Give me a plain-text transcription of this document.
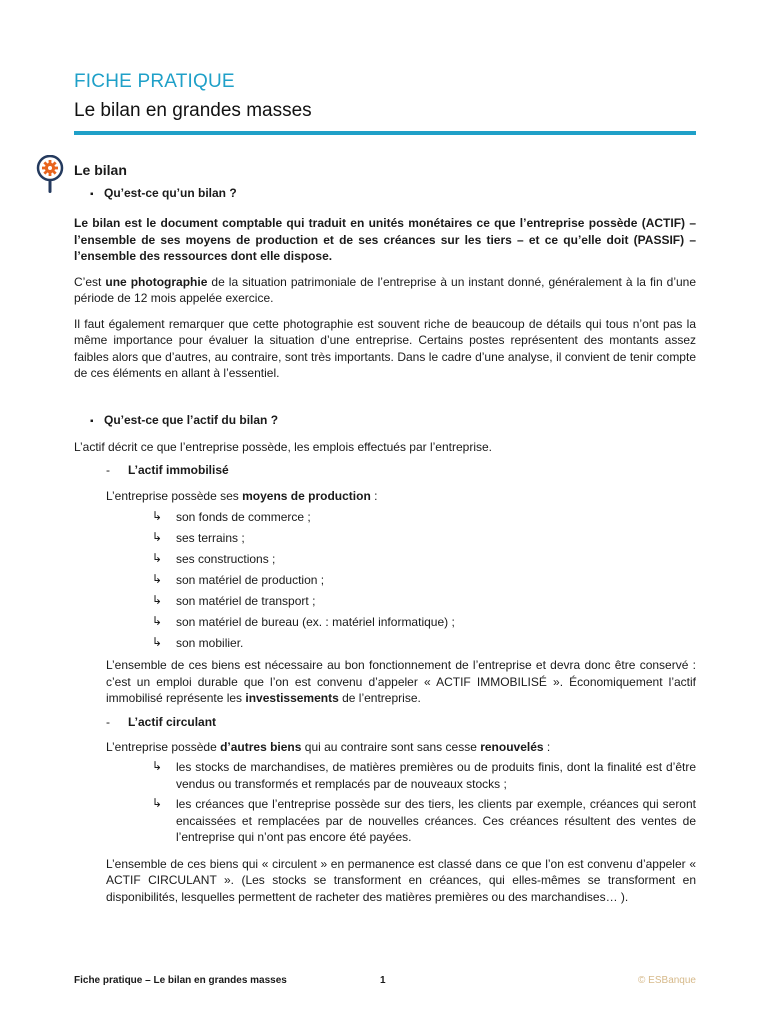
FICHE PRATIQUE
Le bilan en grandes masses
Le bilan
▪ Qu’est-ce qu’un bilan ?

Le bilan est le document comptable qui traduit en unités monétaires ce que l’entreprise possède (ACTIF) – l’ensemble de ses moyens de production et de ses créances sur les tiers – et ce qu’elle doit (PASSIF) – l’ensemble des ressources dont elle dispose.

C’est une photographie de la situation patrimoniale de l’entreprise à un instant donné, généralement à la fin d’une période de 12 mois appelée exercice.

Il faut également remarquer que cette photographie est souvent riche de beaucoup de détails qui tous n’ont pas la même importance pour évaluer la situation d’une entreprise. Certains postes représentent des montants assez faibles alors que d’autres, au contraire, sont très importants. Dans le cadre d’une analyse, il convient de tenir compte de ces éléments en allant à l’essentiel.

▪ Qu’est-ce que l’actif du bilan ?

L’actif décrit ce que l’entreprise possède, les emplois effectués par l’entreprise.

- L’actif immobilisé

L’entreprise possède ses moyens de production :

↳ son fonds de commerce ;
↳ ses terrains ;
↳ ses constructions ;
↳ son matériel de production ;
↳ son matériel de transport ;
↳ son matériel de bureau (ex. : matériel informatique) ;
↳ son mobilier.

L’ensemble de ces biens est nécessaire au bon fonctionnement de l’entreprise et devra donc être conservé : c’est un emploi durable que l’on est convenu d’appeler « ACTIF IMMOBILISÉ ». Économiquement l’actif immobilisé représente les investissements de l’entreprise.

- L’actif circulant

L’entreprise possède d’autres biens qui au contraire sont sans cesse renouvelés :

↳ les stocks de marchandises, de matières premières ou de produits finis, dont la finalité est d’être vendus ou transformés et remplacés par de nouveaux stocks ;
↳ les créances que l’entreprise possède sur des tiers, les clients par exemple, créances qui seront encaissées et remplacées par de nouvelles créances. Ces créances résultent des ventes de l’entreprise qui n’ont pas encore été payées.

L’ensemble de ces biens qui « circulent » en permanence est classé dans ce que l’on est convenu d’appeler « ACTIF CIRCULANT ». (Les stocks se transforment en créances, qui elles-mêmes se transforment en disponibilités, lesquelles permettent de racheter des matières premières ou des marchandises… ).

Fiche pratique – Le bilan en grandes masses	1	© ESBanque
